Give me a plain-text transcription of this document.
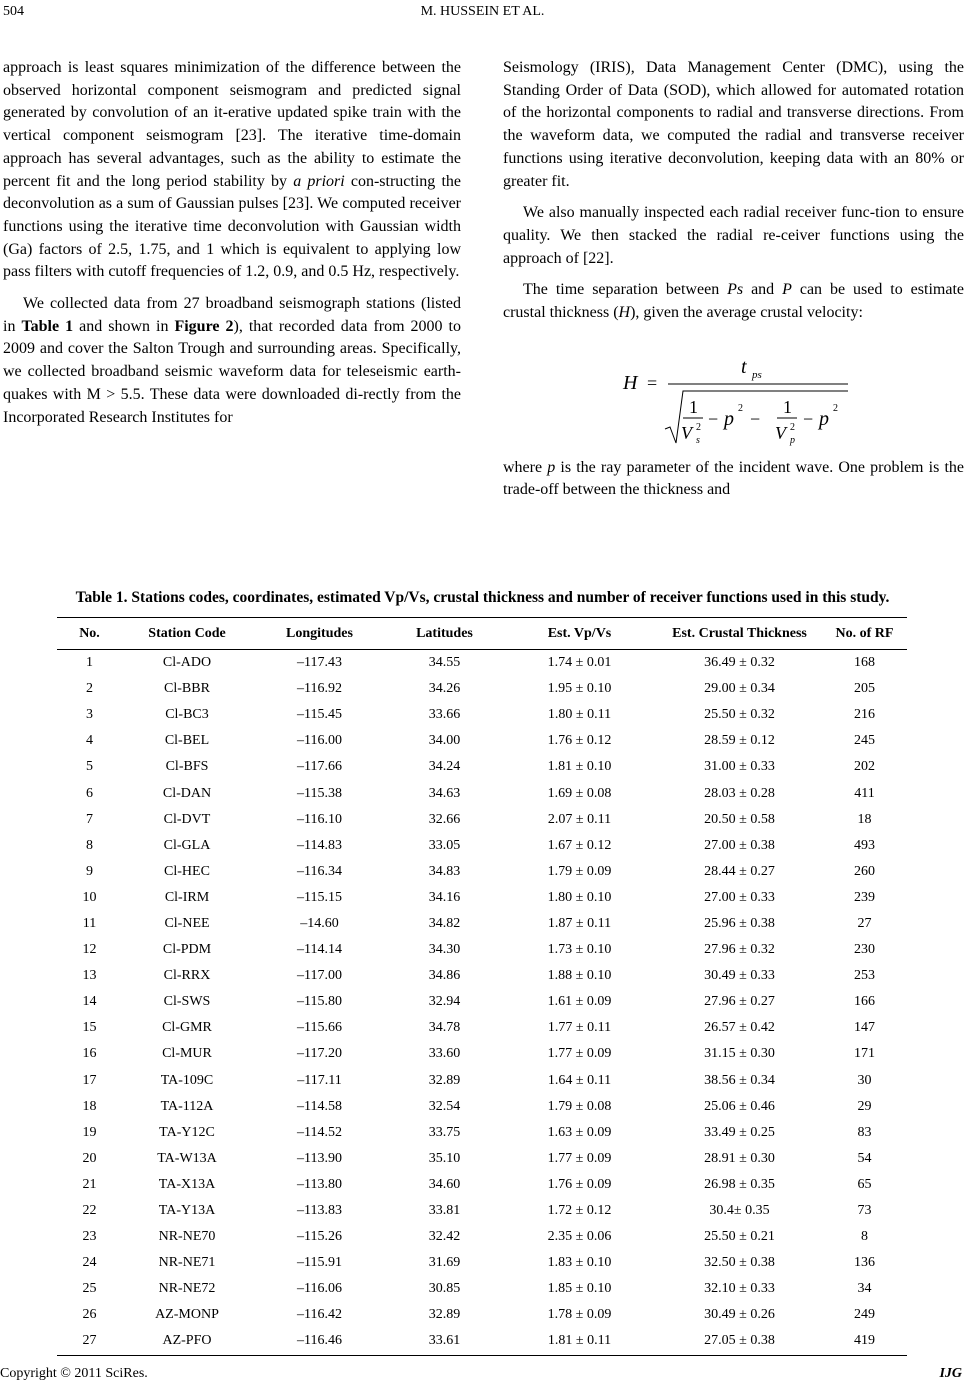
504	M. HUSSEIN ET AL.

approach is least squares minimization of the difference between the observed horizontal component seismogram and predicted signal generated by convolution of an it-erative updated spike train with the vertical component seismogram [23]. The iterative time-domain approach has several advantages, such as the ability to estimate the percent fit and the long period stability by a priori con-structing the deconvolution as a sum of Gaussian pulses [23]. We computed receiver functions using the iterative time deconvolution with Gaussian width (Ga) factors of 2.5, 1.75, and 1 which is equivalent to applying low pass filters with cutoff frequencies of 1.2, 0.9, and 0.5 Hz, respectively.

We collected data from 27 broadband seismograph stations (listed in Table 1 and shown in Figure 2), that recorded data from 2000 to 2009 and cover the Salton Trough and surrounding areas. Specifically, we collected broadband seismic waveform data for teleseismic earth-quakes with M > 5.5. These data were downloaded di-rectly from the Incorporated Research Institutes for

Seismology (IRIS), Data Management Center (DMC), using the Standing Order of Data (SOD), which allowed for automated rotation of the horizontal components to radial and transverse directions. From the waveform data, we computed the radial and transverse receiver functions using iterative deconvolution, keeping data with an 80% or greater fit.

We also manually inspected each radial receiver func-tion to ensure quality. We then stacked the radial re-ceiver functions using the approach of [22].

The time separation between Ps and P can be used to estimate crustal thickness (H), given the average crustal velocity:

H =
t ps
1
V 2
s
− p 2
−
1
V 2
p
− p 2

where p is the ray parameter of the incident wave. One problem is the trade-off between the thickness and

Table 1. Stations codes, coordinates, estimated Vp/Vs, crustal thickness and number of receiver functions used in this study.
No.	Station Code	Longitudes	Latitudes	Est. Vp/Vs	Est. Crustal Thickness	No. of RF
1	Cl-ADO	–117.43	34.55	1.74 ± 0.01	36.49 ± 0.32	168
2	Cl-BBR	–116.92	34.26	1.95 ± 0.10	29.00 ± 0.34	205
3	Cl-BC3	–115.45	33.66	1.80 ± 0.11	25.50 ± 0.32	216
4	Cl-BEL	–116.00	34.00	1.76 ± 0.12	28.59 ± 0.12	245
5	Cl-BFS	–117.66	34.24	1.81 ± 0.10	31.00 ± 0.33	202
6	Cl-DAN	–115.38	34.63	1.69 ± 0.08	28.03 ± 0.28	411
7	Cl-DVT	–116.10	32.66	2.07 ± 0.11	20.50 ± 0.58	18
8	Cl-GLA	–114.83	33.05	1.67 ± 0.12	27.00 ± 0.38	493
9	Cl-HEC	–116.34	34.83	1.79 ± 0.09	28.44 ± 0.27	260
10	Cl-IRM	–115.15	34.16	1.80 ± 0.10	27.00 ± 0.33	239
11	Cl-NEE	–14.60	34.82	1.87 ± 0.11	25.96 ± 0.38	27
12	Cl-PDM	–114.14	34.30	1.73 ± 0.10	27.96 ± 0.32	230
13	Cl-RRX	–117.00	34.86	1.88 ± 0.10	30.49 ± 0.33	253
14	Cl-SWS	–115.80	32.94	1.61 ± 0.09	27.96 ± 0.27	166
15	Cl-GMR	–115.66	34.78	1.77 ± 0.11	26.57 ± 0.42	147
16	Cl-MUR	–117.20	33.60	1.77 ± 0.09	31.15 ± 0.30	171
17	TA-109C	–117.11	32.89	1.64 ± 0.11	38.56 ± 0.34	30
18	TA-112A	–114.58	32.54	1.79 ± 0.08	25.06 ± 0.46	29
19	TA-Y12C	–114.52	33.75	1.63 ± 0.09	33.49 ± 0.25	83
20	TA-W13A	–113.90	35.10	1.77 ± 0.09	28.91 ± 0.30	54
21	TA-X13A	–113.80	34.60	1.76 ± 0.09	26.98 ± 0.35	65
22	TA-Y13A	–113.83	33.81	1.72 ± 0.12	30.4± 0.35	73
23	NR-NE70	–115.26	32.42	2.35 ± 0.06	25.50 ± 0.21	8
24	NR-NE71	–115.91	31.69	1.83 ± 0.10	32.50 ± 0.38	136
25	NR-NE72	–116.06	30.85	1.85 ± 0.10	32.10 ± 0.33	34
26	AZ-MONP	–116.42	32.89	1.78 ± 0.09	30.49 ± 0.26	249
27	AZ-PFO	–116.46	33.61	1.81 ± 0.11	27.05 ± 0.38	419
Copyright © 2011 SciRes.	IJG
